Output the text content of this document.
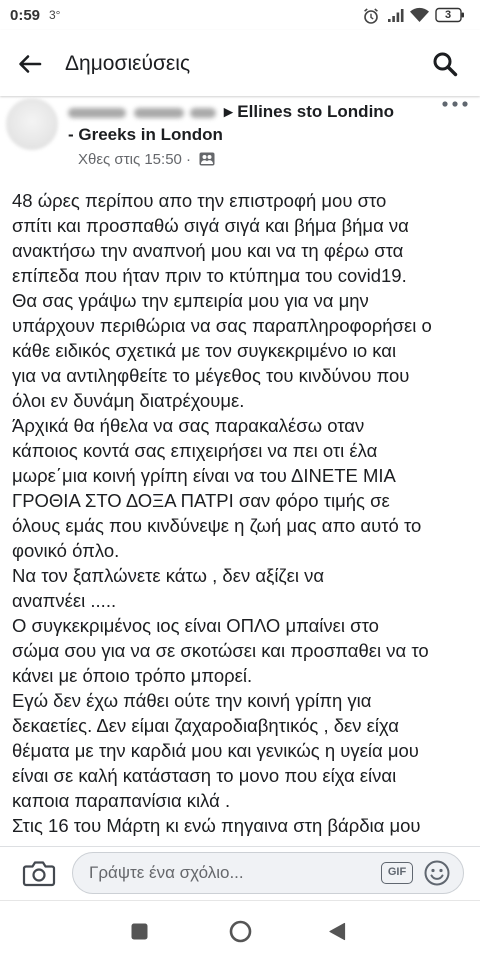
0:59 3°	3
Δημοσιεύσεις
▸ Ellines sto Londino
- Greeks in London
Χθες στις 15:50 ·
48 ώρες περίπου απο την επιστροφή μου στο
σπίτι και προσπαθώ σιγά σιγά και βήμα βήμα να
ανακτήσω την αναπνοή μου και να τη φέρω στα
επίπεδα που ήταν πριν το κτύπημα του covid19.
Θα σας γράψω την εμπειρία μου για να μην
υπάρχουν περιθώρια να σας παραπληροφορήσει ο
κάθε ειδικός σχετικά με τον συγκεκριμένο ιο και
για να αντιληφθείτε το μέγεθος του κινδύνου που
όλοι εν δυνάμη διατρέχουμε.
Άρχικά θα ήθελα να σας παρακαλέσω οταν
κάποιος κοντά σας επιχειρήσει να πει οτι έλα
μωρε΄μια κοινή γρίπη είναι να του ΔΙΝΕΤΕ ΜΙΑ
ΓΡΟΘΙΑ ΣΤΟ ΔΟΞΑ ΠΑΤΡΙ σαν φόρο τιμής σε
όλους εμάς που κινδύνεψε η ζωή μας απο αυτό το
φονικό όπλο.
Να τον ξαπλώνετε κάτω , δεν αξίζει να
αναπνέει .....
Ο συγκεκριμένος ιος είναι ΟΠΛΟ μπαίνει στο
σώμα σου για να σε σκοτώσει και προσπαθει να το
κάνει με όποιο τρόπο μπορεί.
Εγώ δεν έχω πάθει ούτε την κοινή γρίπη για
δεκαετίες. Δεν είμαι ζαχαροδιαβητικός , δεν είχα
θέματα με την καρδιά μου και γενικώς η υγεία μου
είναι σε καλή κατάσταση το μονο που είχα είναι
καποια παραπανίσια κιλά .
Στις 16 του Μάρτη κι ενώ πηγαινα στη βάρδια μου
Γράψτε ένα σχόλιο...
GIF
